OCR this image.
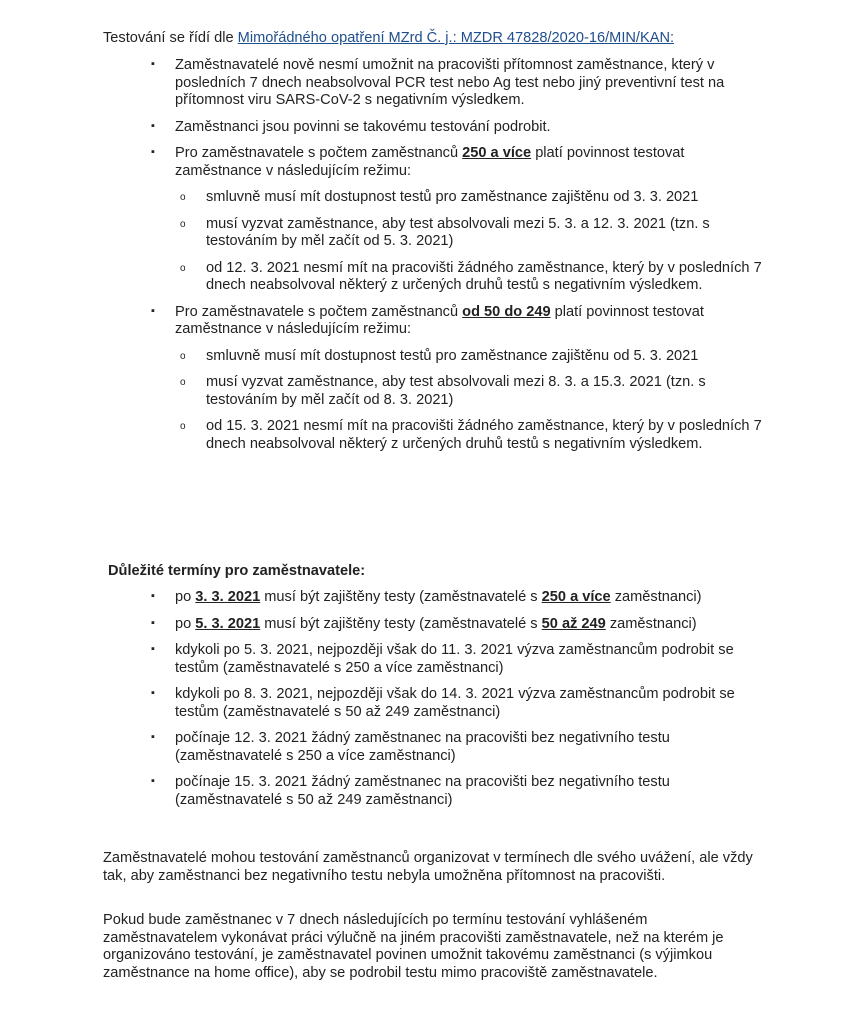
Testování se řídí dle Mimořádného opatření MZrd Č. j.: MZDR 47828/2020-16/MIN/KAN:

▪ Zaměstnavatelé nově nesmí umožnit na pracovišti přítomnost zaměstnance, který v posledních 7 dnech neabsolvoval PCR test nebo Ag test nebo jiný preventivní test na přítomnost viru SARS-CoV-2 s negativním výsledkem.
▪ Zaměstnanci jsou povinni se takovému testování podrobit.
▪ Pro zaměstnavatele s počtem zaměstnanců 250 a více platí povinnost testovat zaměstnance v následujícím režimu:
o smluvně musí mít dostupnost testů pro zaměstnance zajištěnu od 3. 3. 2021
o musí vyzvat zaměstnance, aby test absolvovali mezi 5. 3. a 12. 3. 2021 (tzn. s testováním by měl začít od 5. 3. 2021)
o od 12. 3. 2021 nesmí mít na pracovišti žádného zaměstnance, který by v posledních 7 dnech neabsolvoval některý z určených druhů testů s negativním výsledkem.
▪ Pro zaměstnavatele s počtem zaměstnanců od 50 do 249 platí povinnost testovat zaměstnance v následujícím režimu:
o smluvně musí mít dostupnost testů pro zaměstnance zajištěnu od 5. 3. 2021
o musí vyzvat zaměstnance, aby test absolvovali mezi 8. 3. a 15.3. 2021 (tzn. s testováním by měl začít od 8. 3. 2021)
o od 15. 3. 2021 nesmí mít na pracovišti žádného zaměstnance, který by v posledních 7 dnech neabsolvoval některý z určených druhů testů s negativním výsledkem.

Důležité termíny pro zaměstnavatele:

▪ po 3. 3. 2021 musí být zajištěny testy (zaměstnavatelé s 250 a více zaměstnanci)
▪ po 5. 3. 2021 musí být zajištěny testy (zaměstnavatelé s 50 až 249 zaměstnanci)
▪ kdykoli po 5. 3. 2021, nejpozději však do 11. 3. 2021 výzva zaměstnancům podrobit se testům (zaměstnavatelé s 250 a více zaměstnanci)
▪ kdykoli po 8. 3. 2021, nejpozději však do 14. 3. 2021 výzva zaměstnancům podrobit se testům (zaměstnavatelé s 50 až 249 zaměstnanci)
▪ počínaje 12. 3. 2021 žádný zaměstnanec na pracovišti bez negativního testu (zaměstnavatelé s 250 a více zaměstnanci)
▪ počínaje 15. 3. 2021 žádný zaměstnanec na pracovišti bez negativního testu (zaměstnavatelé s 50 až 249 zaměstnanci)

Zaměstnavatelé mohou testování zaměstnanců organizovat v termínech dle svého uvážení, ale vždy tak, aby zaměstnanci bez negativního testu nebyla umožněna přítomnost na pracovišti.

Pokud bude zaměstnanec v 7 dnech následujících po termínu testování vyhlášeném zaměstnavatelem vykonávat práci výlučně na jiném pracovišti zaměstnavatele, než na kterém je organizováno testování, je zaměstnavatel povinen umožnit takovému zaměstnanci (s výjimkou zaměstnance na home office), aby se podrobil testu mimo pracoviště zaměstnavatele.
